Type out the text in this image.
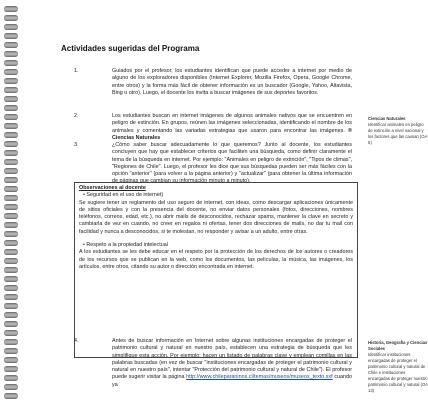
Actividades sugeridas del Programa
1.	Guiados por el profesor, los estudiantes identifican que puede acceder a internet por medio de alguno de los exploradores disponibles (Internet Explorer, Mozilla Firefox, Opera, Google Chrome, entre otros) y la forma más fácil de obtener información es un buscador (Google, Yahoo, Altavista, Bing u otro). Luego, el docente los invita a buscar imágenes de sus deportes favoritos.
2.	Los estudiantes buscan en internet imágenes de algunos animales nativos que se encuentren en peligro de extinción. En grupos, reúnen las imágenes seleccionadas, identificando el nombre de los animales y comentando las variadas estrategias que usaron para encontrar las imágenes. ® Ciencias Naturales
3.	¿Cómo saber buscar adecuadamente lo que queremos? Junto al docente, los estudiantes concluyen que hay que establecer criterios que faciliten una búsqueda, como definir claramente el tema de la búsqueda en internet. Por ejemplo: "Animales en peligro de extinción", "Tipos de climas", "Regiones de Chile". Luego, el profesor les dice que sus búsquedas pueden ser más fáciles con la opción "anterior" (para volver a la página anterior) y "actualizar" (para obtener la última información de páginas que cambian su información minuto a minuto).
Observaciones al docente
• Seguridad en el uso de internet)
Se sugiere tener un reglamento del uso seguro de internet, con ideas, como descargar aplicaciones únicamente de sitios oficiales y con la presencia del docente, no enviar datos personales (fotos, direcciones, nombres teléfonos, correos, edad, etc.), no abrir mails de desconocidos, rechazar spams, mantener la clave en secreto y cambiarla de vez en cuando, no creer en regalos ni ofertas, tener dos direcciones de mails, no dar tu mail con facilidad y nunca a desconocidos, si te molestan, no responder y avisar a un adulto, entre otras.
• Respeto a la propiedad intelectual
A los estudiantes se les debe educar en el respeto por la protección de los derechos de los autores o creadores de los recursos que se publican en la web, como los documentos, las películas, la música, las imágenes, los artículos, entre otros, citando su autor o dirección encontrada en internet.
4.	Antes de buscar información en Internet sobre algunas instituciones encargadas de proteger el patrimonio cultural y natural en nuestro país, establecen una estrategia de búsqueda que les simplifique esta acción. Por ejemplo: hacen un listado de palabras clave y emplean comillas en las palabras buscadas (en vez de buscar "instituciones encargadas de proteger el patrimonio cultural y natural en nuestro país", intentar "Protección del patrimonio cultural y natural de Chile"). El profesor puede sugerir visitar la página http://www.chileparaninos.cl/temas/museos/museos_texto.sxf cuando ya
Ciencias Naturales
Identificar animales en peligro de extinción a nivel nacional y los factores que las causan (OA 5)
Historia, Geografía y Ciencias Sociales
Identificar instituciones encargadas de proteger el patrimonio cultural y natural de Chile e instituciones encargadas de proteger nuestro patrimonio cultural y natural (OA 13)
